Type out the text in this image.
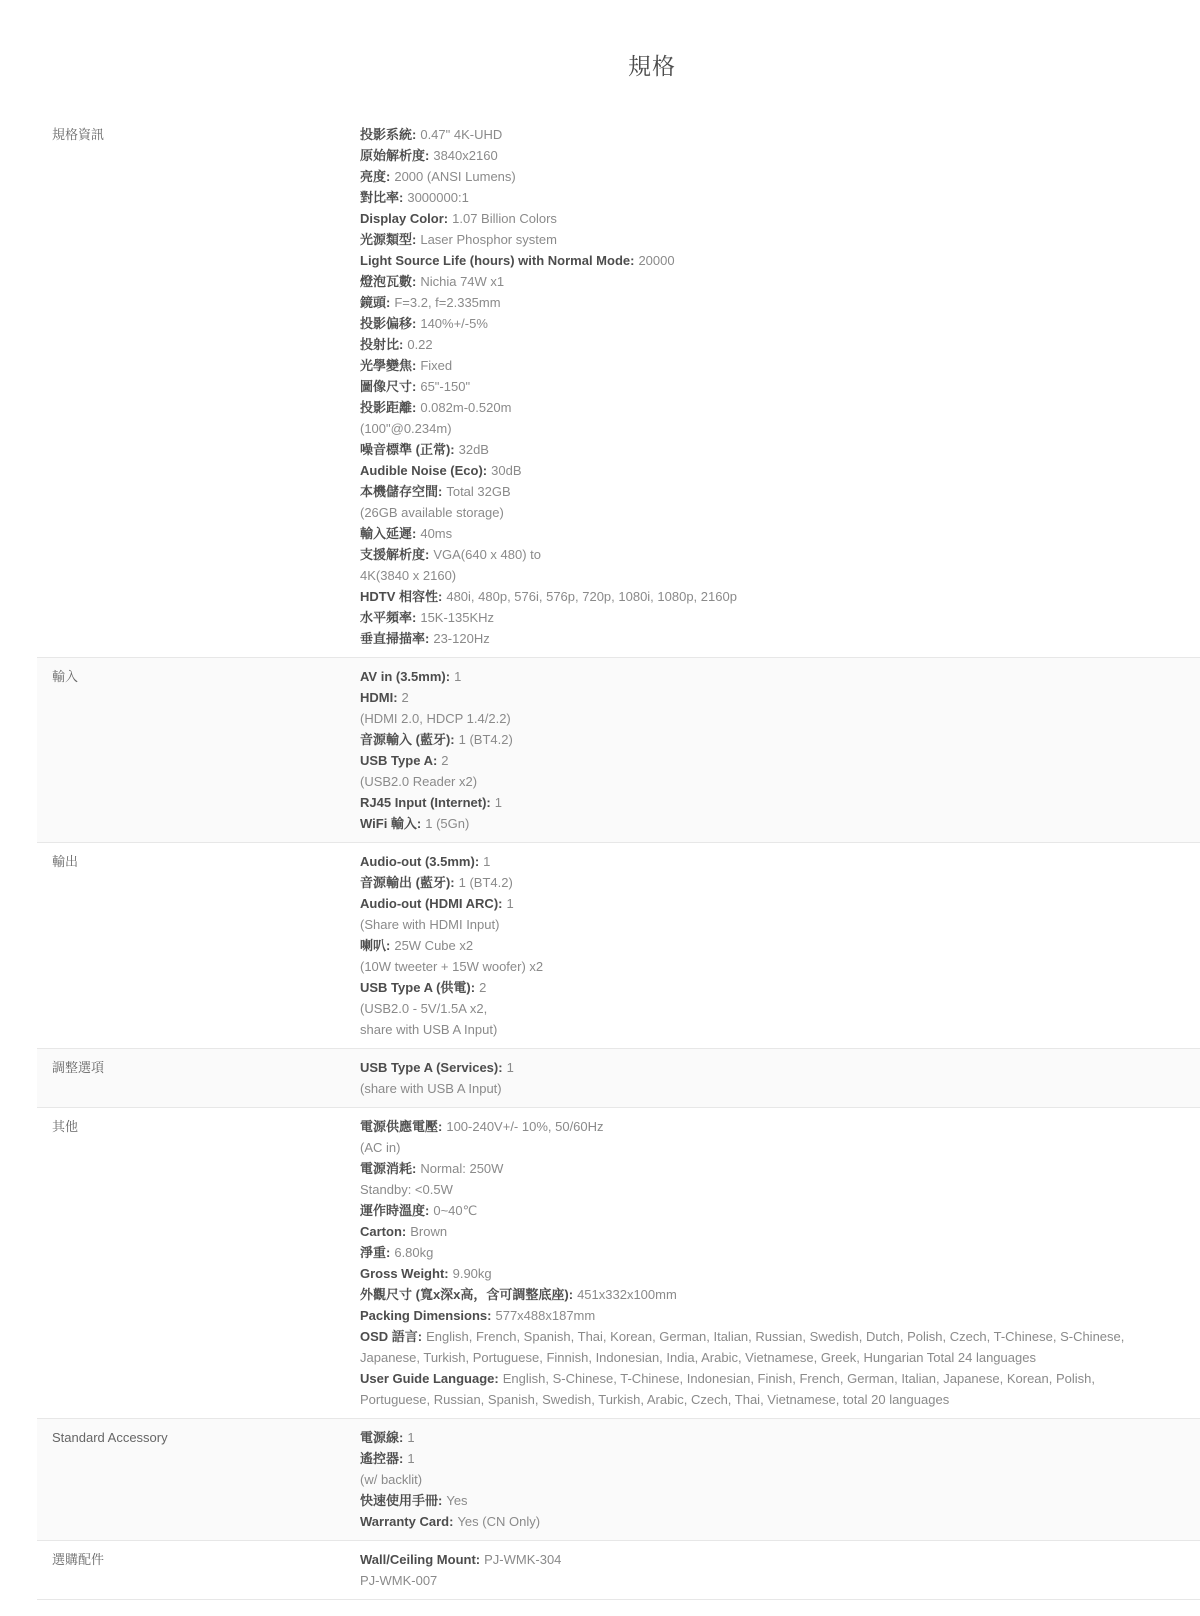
規格
規格資訊	投影系統: 0.47" 4K-UHD
原始解析度: 3840x2160
亮度: 2000 (ANSI Lumens)
對比率: 3000000:1
Display Color: 1.07 Billion Colors
光源類型: Laser Phosphor system
Light Source Life (hours) with Normal Mode: 20000
燈泡瓦數: Nichia 74W x1
鏡頭: F=3.2, f=2.335mm
投影偏移: 140%+/-5%
投射比: 0.22
光學變焦: Fixed
圖像尺寸: 65"-150"
投影距離: 0.082m-0.520m
(100"@0.234m)
噪音標準 (正常): 32dB
Audible Noise (Eco): 30dB
本機儲存空間: Total 32GB
(26GB available storage)
輸入延遲: 40ms
支援解析度: VGA(640 x 480) to
4K(3840 x 2160)
HDTV 相容性: 480i, 480p, 576i, 576p, 720p, 1080i, 1080p, 2160p
水平頻率: 15K-135KHz
垂直掃描率: 23-120Hz
輸入	AV in (3.5mm): 1
HDMI: 2
(HDMI 2.0, HDCP 1.4/2.2)
音源輸入 (藍牙): 1 (BT4.2)
USB Type A: 2
(USB2.0 Reader x2)
RJ45 Input (Internet): 1
WiFi 輸入: 1 (5Gn)
輸出	Audio-out (3.5mm): 1
音源輸出 (藍牙): 1 (BT4.2)
Audio-out (HDMI ARC): 1
(Share with HDMI Input)
喇叭: 25W Cube x2
(10W tweeter + 15W woofer) x2
USB Type A (供電): 2
(USB2.0 - 5V/1.5A x2,
share with USB A Input)
調整選項	USB Type A (Services): 1
(share with USB A Input)
其他	電源供應電壓: 100-240V+/- 10%, 50/60Hz
(AC in)
電源消耗: Normal: 250W
Standby: <0.5W
運作時溫度: 0~40℃
Carton: Brown
淨重: 6.80kg
Gross Weight: 9.90kg
外觀尺寸 (寬x深x高，含可調整底座): 451x332x100mm
Packing Dimensions: 577x488x187mm
OSD 語言: English, French, Spanish, Thai, Korean, German, Italian, Russian, Swedish, Dutch, Polish, Czech, T-Chinese, S-Chinese, Japanese, Turkish, Portuguese, Finnish, Indonesian, India, Arabic, Vietnamese, Greek, Hungarian Total 24 languages
User Guide Language: English, S-Chinese, T-Chinese, Indonesian, Finish, French, German, Italian, Japanese, Korean, Polish, Portuguese, Russian, Spanish, Swedish, Turkish, Arabic, Czech, Thai, Vietnamese, total 20 languages
Standard Accessory	電源線: 1
遙控器: 1
(w/ backlit)
快速使用手冊: Yes
Warranty Card: Yes (CN Only)
選購配件	Wall/Ceiling Mount: PJ-WMK-304
PJ-WMK-007
